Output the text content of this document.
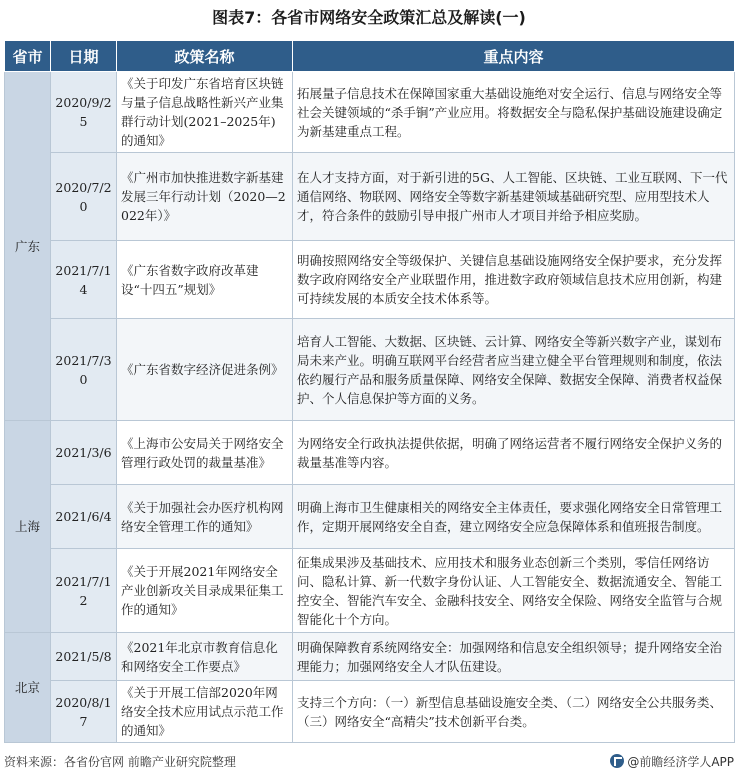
图表7：各省市网络安全政策汇总及解读(一)
省市	日期	政策名称	重点内容
广东	2020/9/25	《关于印发广东省培育区块链与量子信息战略性新兴产业集群行动计划(2021–2025年)的通知》	拓展量子信息技术在保障国家重大基础设施绝对安全运行、信息与网络安全等社会关键领域的“杀手锏”产业应用。将数据安全与隐私保护基础设施建设确定为新基建重点工程。
	2020/7/20	《广州市加快推进数字新基建发展三年行动计划（2020—2022年）》	在人才支持方面，对于新引进的5G、人工智能、区块链、工业互联网、下一代通信网络、物联网、网络安全等数字新基建领域基础研究型、应用型技术人才，符合条件的鼓励引导申报广州市人才项目并给予相应奖励。
	2021/7/14	《广东省数字政府改革建设“十四五”规划》	明确按照网络安全等级保护、关键信息基础设施网络安全保护要求，充分发挥数字政府网络安全产业联盟作用，推进数字政府领域信息技术应用创新，构建可持续发展的本质安全技术体系等。
	2021/7/30	《广东省数字经济促进条例》	培育人工智能、大数据、区块链、云计算、网络安全等新兴数字产业，谋划布局未来产业。明确互联网平台经营者应当建立健全平台管理规则和制度，依法依约履行产品和服务质量保障、网络安全保障、数据安全保障、消费者权益保护、个人信息保护等方面的义务。
上海	2021/3/6	《上海市公安局关于网络安全管理行政处罚的裁量基准》	为网络安全行政执法提供依据，明确了网络运营者不履行网络安全保护义务的裁量基准等内容。
	2021/6/4	《关于加强社会办医疗机构网络安全管理工作的通知》	明确上海市卫生健康相关的网络安全主体责任，要求强化网络安全日常管理工作，定期开展网络安全自查，建立网络安全应急保障体系和值班报告制度。
	2021/7/12	《关于开展2021年网络安全产业创新攻关目录成果征集工作的通知》	征集成果涉及基础技术、应用技术和服务业态创新三个类别，零信任网络访问、隐私计算、新一代数字身份认证、人工智能安全、数据流通安全、智能工控安全、智能汽车安全、金融科技安全、网络安全保险、网络安全监管与合规智能化十个方向。
北京	2021/5/8	《2021年北京市教育信息化和网络安全工作要点》	明确保障教育系统网络安全：加强网络和信息安全组织领导；提升网络安全治理能力；加强网络安全人才队伍建设。
	2020/8/17	《关于开展工信部2020年网络安全技术应用试点示范工作的通知》	支持三个方向：（一）新型信息基础设施安全类、（二）网络安全公共服务类、（三）网络安全“高精尖”技术创新平台类。
资料来源：各省份官网 前瞻产业研究院整理	@前瞻经济学人APP
